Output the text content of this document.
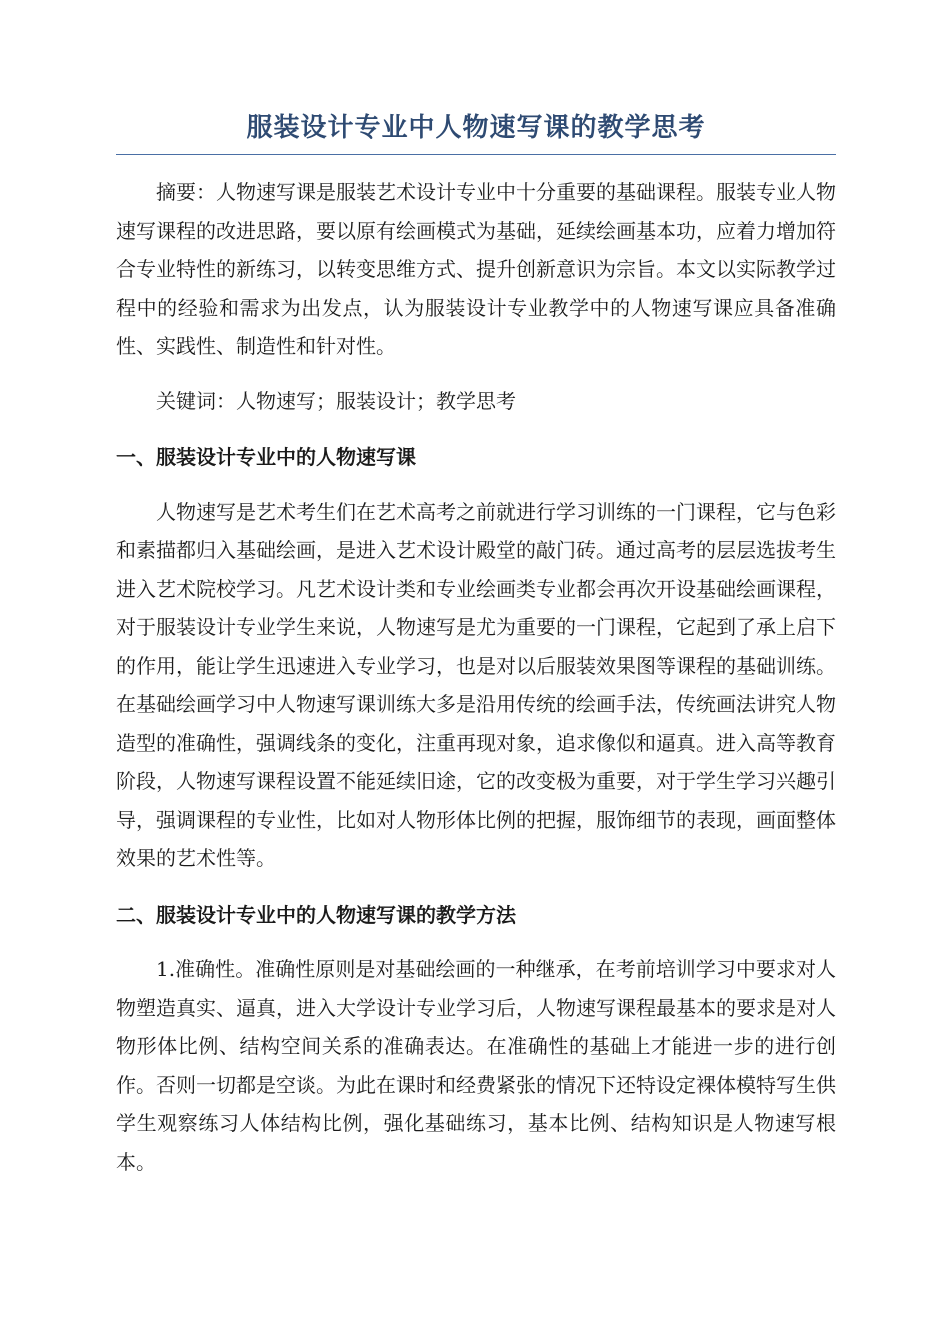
服装设计专业中人物速写课的教学思考

摘要：人物速写课是服装艺术设计专业中十分重要的基础课程。服装专业人物速写课程的改进思路，要以原有绘画模式为基础，延续绘画基本功，应着力增加符合专业特性的新练习，以转变思维方式、提升创新意识为宗旨。本文以实际教学过程中的经验和需求为出发点，认为服装设计专业教学中的人物速写课应具备准确性、实践性、制造性和针对性。

关键词：人物速写；服装设计；教学思考

一、服装设计专业中的人物速写课

人物速写是艺术考生们在艺术高考之前就进行学习训练的一门课程，它与色彩和素描都归入基础绘画，是进入艺术设计殿堂的敲门砖。通过高考的层层选拔考生进入艺术院校学习。凡艺术设计类和专业绘画类专业都会再次开设基础绘画课程，对于服装设计专业学生来说，人物速写是尤为重要的一门课程，它起到了承上启下的作用，能让学生迅速进入专业学习，也是对以后服装效果图等课程的基础训练。在基础绘画学习中人物速写课训练大多是沿用传统的绘画手法，传统画法讲究人物造型的准确性，强调线条的变化，注重再现对象，追求像似和逼真。进入高等教育阶段，人物速写课程设置不能延续旧途，它的改变极为重要，对于学生学习兴趣引导，强调课程的专业性，比如对人物形体比例的把握，服饰细节的表现，画面整体效果的艺术性等。

二、服装设计专业中的人物速写课的教学方法

1.准确性。准确性原则是对基础绘画的一种继承，在考前培训学习中要求对人物塑造真实、逼真，进入大学设计专业学习后，人物速写课程最基本的要求是对人物形体比例、结构空间关系的准确表达。在准确性的基础上才能进一步的进行创作。否则一切都是空谈。为此在课时和经费紧张的情况下还特设定裸体模特写生供学生观察练习人体结构比例，强化基础练习，基本比例、结构知识是人物速写根本。
